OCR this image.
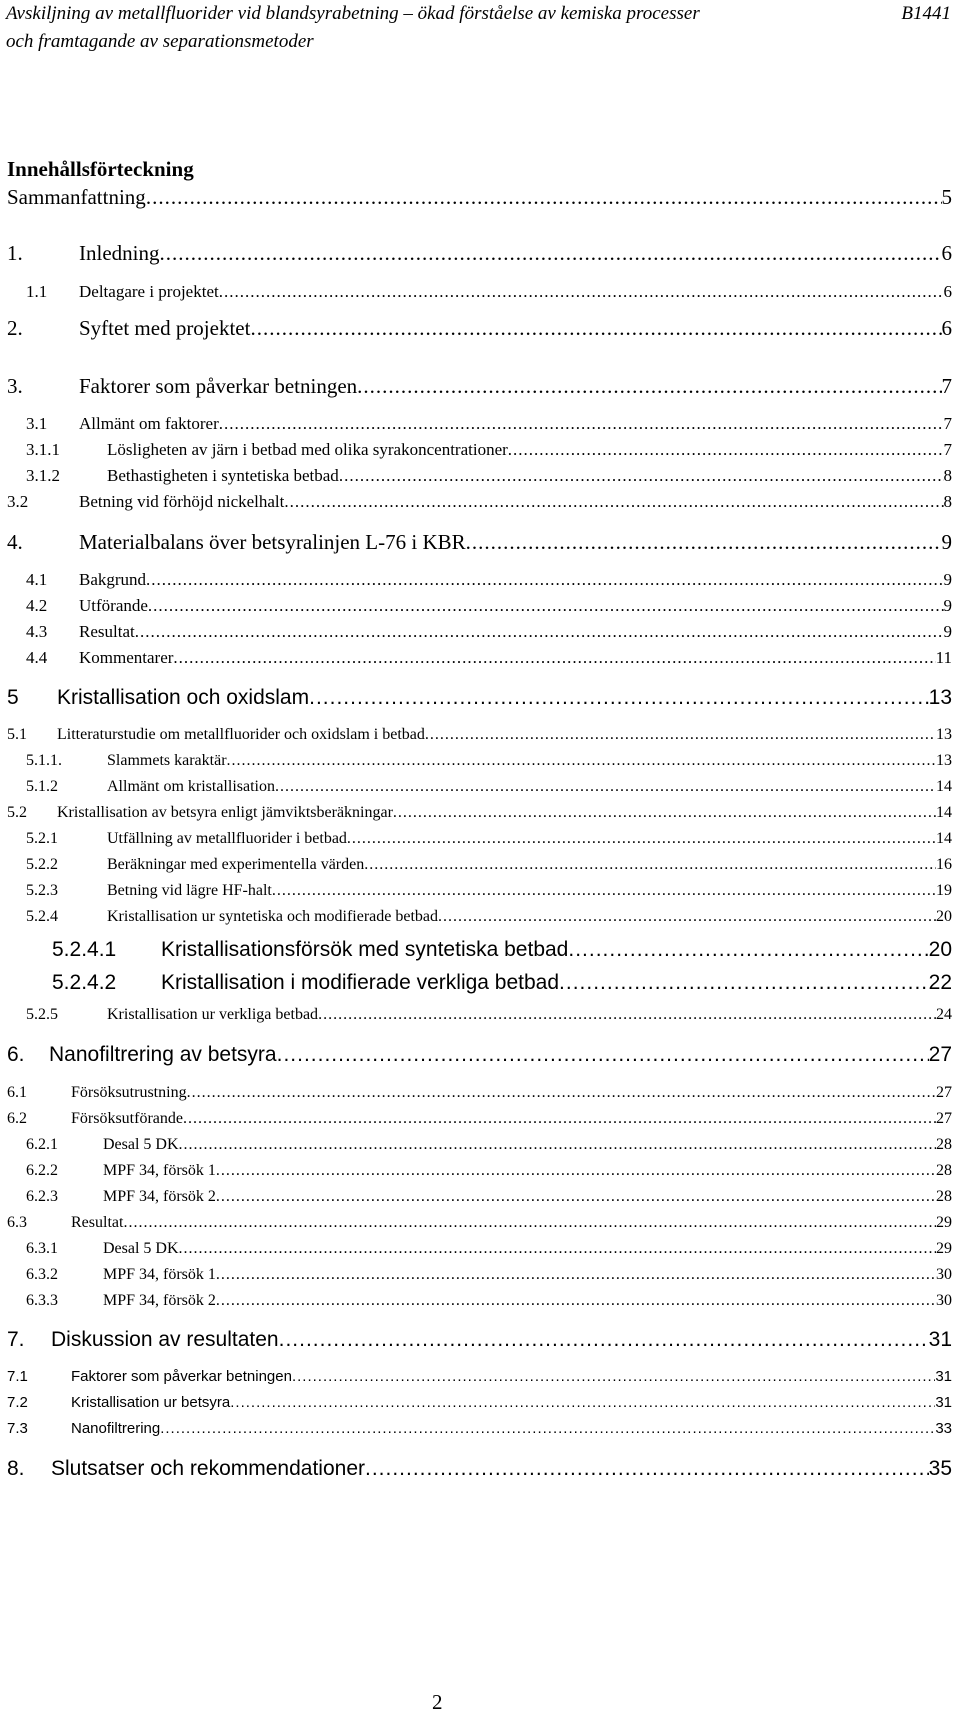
Avskiljning av metallfluorider vid blandsyrabetning – ökad förståelse av kemiska processer
och framtagande av separationsmetoder
B1441
Innehållsförteckning
Sammanfattning .....	5
1.	Inledning .....	6
1.1	Deltagare i projektet .....	6
2.	Syftet med projektet .....	6
3.	Faktorer som påverkar betningen .....	7
3.1	Allmänt om faktorer .....	7
3.1.1	Lösligheten av järn i betbad med olika syrakoncentrationer .....	7
3.1.2	Bethastigheten i syntetiska betbad .....	8
3.2	Betning vid förhöjd nickelhalt .....	8
4.	Materialbalans över betsyralinjen L-76 i KBR .....	9
4.1	Bakgrund .....	9
4.2	Utförande .....	9
4.3	Resultat .....	9
4.4	Kommentarer .....	11
5	Kristallisation och oxidslam .....	13
5.1	Litteraturstudie om metallfluorider och oxidslam i betbad .....	13
5.1.1.	Slammets karaktär .....	13
5.1.2	Allmänt om kristallisation .....	14
5.2	Kristallisation av betsyra enligt jämviktsberäkningar .....	14
5.2.1	Utfällning av metallfluorider i betbad .....	14
5.2.2	Beräkningar med experimentella värden .....	16
5.2.3	Betning vid lägre HF-halt .....	19
5.2.4	Kristallisation ur syntetiska och modifierade betbad .....	20
5.2.4.1	Kristallisationsförsök med syntetiska betbad .....	20
5.2.4.2	Kristallisation i modifierade verkliga betbad .....	22
5.2.5	Kristallisation ur verkliga betbad .....	24
6.	Nanofiltrering av betsyra .....	27
6.1	Försöksutrustning .....	27
6.2	Försöksutförande .....	27
6.2.1	Desal 5 DK .....	28
6.2.2	MPF 34, försök 1 .....	28
6.2.3	MPF 34, försök 2 .....	28
6.3	Resultat .....	29
6.3.1	Desal 5 DK .....	29
6.3.2	MPF 34, försök 1 .....	30
6.3.3	MPF 34, försök 2 .....	30
7.	Diskussion av resultaten .....	31
7.1	Faktorer som påverkar betningen .....	31
7.2	Kristallisation ur betsyra .....	31
7.3	Nanofiltrering .....	33
8.	Slutsatser och rekommendationer .....	35
2
